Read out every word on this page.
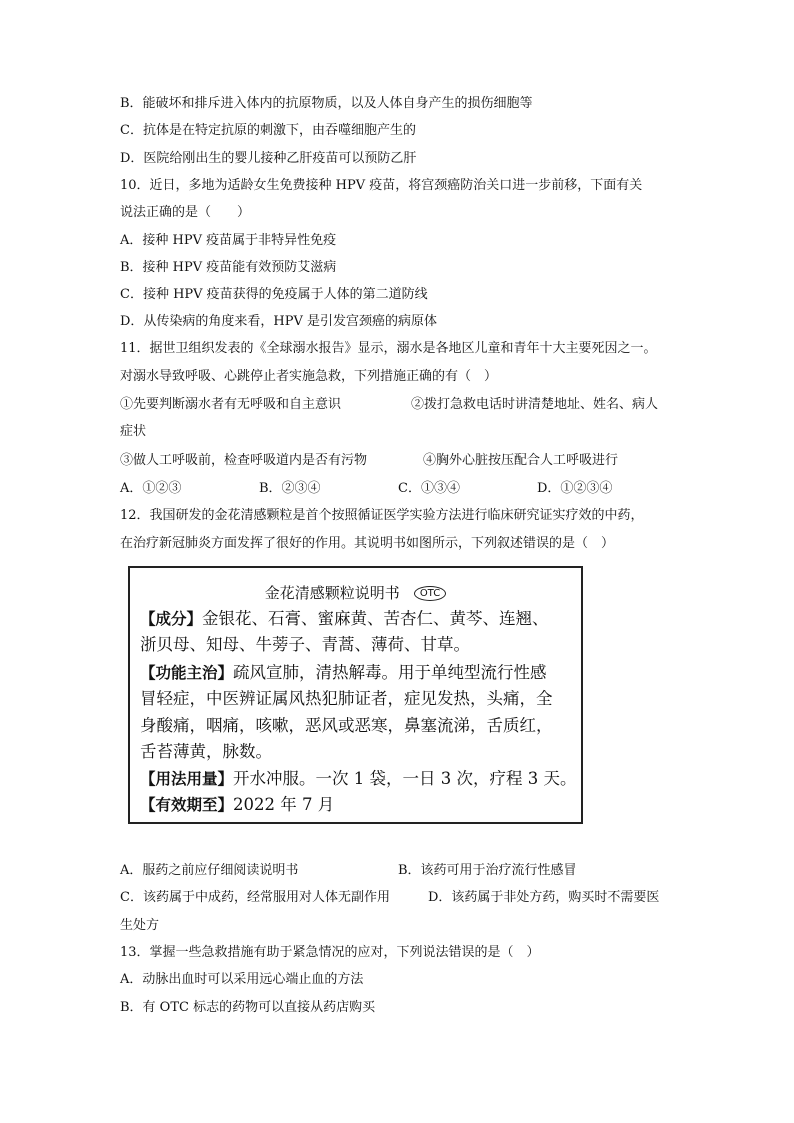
B．能破坏和排斥进入体内的抗原物质，以及人体自身产生的损伤细胞等
C．抗体是在特定抗原的刺激下，由吞噬细胞产生的
D．医院给刚出生的婴儿接种乙肝疫苗可以预防乙肝
10．近日，多地为适龄女生免费接种 HPV 疫苗，将宫颈癌防治关口进一步前移，下面有关
说法正确的是（　　）
A．接种 HPV 疫苗属于非特异性免疫
B．接种 HPV 疫苗能有效预防艾滋病
C．接种 HPV 疫苗获得的免疫属于人体的第二道防线
D．从传染病的角度来看，HPV 是引发宫颈癌的病原体
11．据世卫组织发表的《全球溺水报告》显示，溺水是各地区儿童和青年十大主要死因之一。
对溺水导致呼吸、心跳停止者实施急救，下列措施正确的有（　）
①先要判断溺水者有无呼吸和自主意识	②拨打急救电话时讲清楚地址、姓名、病人
症状
③做人工呼吸前，检查呼吸道内是否有污物	④胸外心脏按压配合人工呼吸进行
A．①②③	B．②③④	C．①③④	D．①②③④
12．我国研发的金花清感颗粒是首个按照循证医学实验方法进行临床研究证实疗效的中药，
在治疗新冠肺炎方面发挥了很好的作用。其说明书如图所示，下列叙述错误的是（　）
金花清感颗粒说明书 OTC
【成分】金银花、石膏、蜜麻黄、苦杏仁、黄芩、连翘、
浙贝母、知母、牛蒡子、青蒿、薄荷、甘草。
【功能主治】疏风宣肺，清热解毒。用于单纯型流行性感
冒轻症，中医辨证属风热犯肺证者，症见发热，头痛，全
身酸痛，咽痛，咳嗽，恶风或恶寒，鼻塞流涕，舌质红，
舌苔薄黄，脉数。
【用法用量】开水冲服。一次 1 袋，一日 3 次，疗程 3 天。
【有效期至】2022 年 7 月
A．服药之前应仔细阅读说明书	B．该药可用于治疗流行性感冒
C．该药属于中成药，经常服用对人体无副作用	D．该药属于非处方药，购买时不需要医
生处方
13．掌握一些急救措施有助于紧急情况的应对，下列说法错误的是（　）
A．动脉出血时可以采用远心端止血的方法
B．有 OTC 标志的药物可以直接从药店购买
